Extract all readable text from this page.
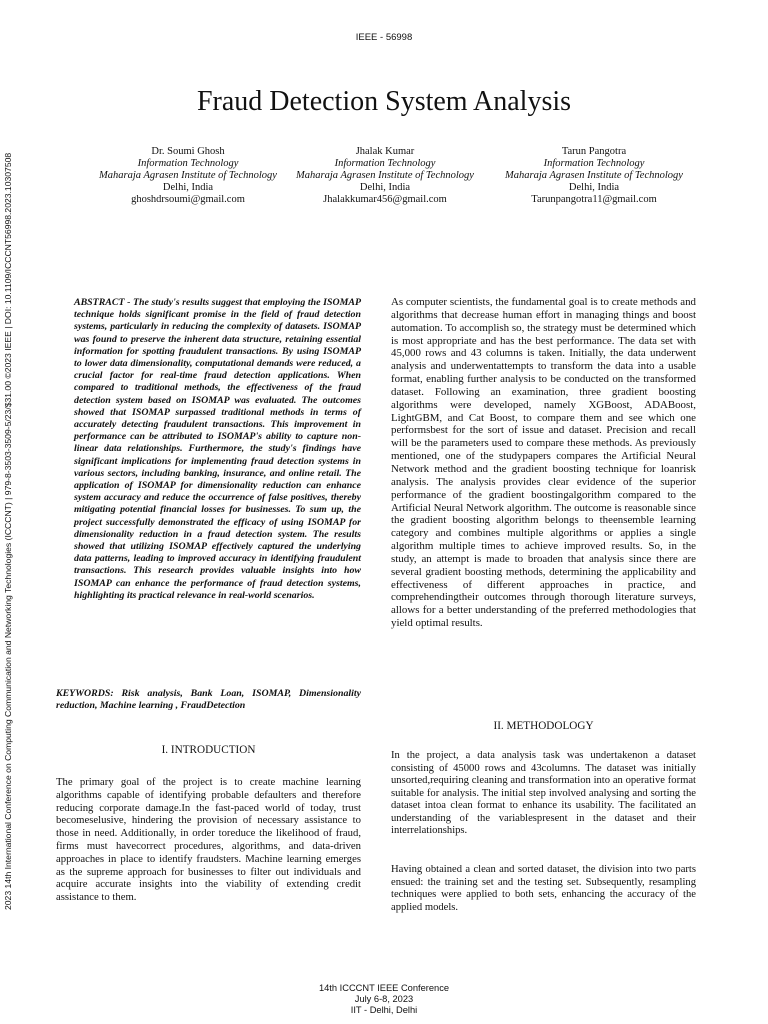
IEEE - 56998
2023 14th International Conference on Computing Communication and Networking Technologies (ICCCNT) | 979-8-3503-3509-5/23/$31.00 ©2023 IEEE | DOI: 10.1109/ICCCNT56998.2023.10307508
Fraud Detection System Analysis
Dr. Soumi Ghosh
Information Technology
Maharaja Agrasen Institute of Technology
Delhi, India
ghoshdrsoumi@gmail.com
Jhalak Kumar
Information Technology
Maharaja Agrasen Institute of Technology
Delhi, India
Jhalakkumar456@gmail.com
Tarun Pangotra
Information Technology
Maharaja Agrasen Institute of Technology
Delhi, India
Tarunpangotra11@gmail.com
ABSTRACT - The study's results suggest that employing the ISOMAP technique holds significant promise in the field of fraud detection systems, particularly in reducing the complexity of datasets. ISOMAP was found to preserve the inherent data structure, retaining essential information for spotting fraudulent transactions. By using ISOMAP to lower data dimensionality, computational demands were reduced, a crucial factor for real-time fraud detection applications. When compared to traditional methods, the effectiveness of the fraud detection system based on ISOMAP was evaluated. The outcomes showed that ISOMAP surpassed traditional methods in terms of accurately detecting fraudulent transactions. This improvement in performance can be attributed to ISOMAP's ability to capture non-linear data relationships. Furthermore, the study's findings have significant implications for implementing fraud detection systems in various sectors, including banking, insurance, and online retail. The application of ISOMAP for dimensionality reduction can enhance system accuracy and reduce the occurrence of false positives, thereby mitigating potential financial losses for businesses. To sum up, the project successfully demonstrated the efficacy of using ISOMAP for dimensionality reduction in a fraud detection system. The results showed that utilizing ISOMAP effectively captured the underlying data patterns, leading to improved accuracy in identifying fraudulent transactions. This research provides valuable insights into how ISOMAP can enhance the performance of fraud detection systems, highlighting its practical relevance in real-world scenarios.
KEYWORDS: Risk analysis, Bank Loan, ISOMAP, Dimensionality reduction, Machine learning , FraudDetection
I. INTRODUCTION
The primary goal of the project is to create machine learning algorithms capable of identifying probable defaulters and therefore reducing corporate damage.In the fast-paced world of today, trust becomeselusive, hindering the provision of necessary assistance to those in need. Additionally, in order toreduce the likelihood of fraud, firms must havecorrect procedures, algorithms, and data-driven approaches in place to identify fraudsters. Machine learning emerges as the supreme approach for businesses to filter out individuals and acquire accurate insights into the viability of extending credit assistance to them.
As computer scientists, the fundamental goal is to create methods and algorithms that decrease human effort in managing things and boost automation. To accomplish so, the strategy must be determined which is most appropriate and has the best performance. The data set with 45,000 rows and 43 columns is taken. Initially, the data underwent analysis and underwentattempts to transform the data into a usable format, enabling further analysis to be conducted on the transformed dataset. Following an examination, three gradient boosting algorithms were developed, namely XGBoost, ADABoost, LightGBM, and Cat Boost, to compare them and see which one performsbest for the sort of issue and dataset. Precision and recall will be the parameters used to compare these methods. As previously mentioned, one of the studypapers compares the Artificial Neural Network method and the gradient boosting technique for loanrisk analysis. The analysis provides clear evidence of the superior performance of the gradient boostingalgorithm compared to the Artificial Neural Network algorithm. The outcome is reasonable since the gradient boosting algorithm belongs to theensemble learning category and combines multiple algorithms or applies a single algorithm multiple times to achieve improved results. So, in the study, an attempt is made to broaden that analysis since there are several gradient boosting methods, determining the applicability and effectiveness of different approaches in practice, and comprehendingtheir outcomes through thorough literature surveys, allows for a better understanding of the preferred methodologies that yield optimal results.
II. METHODOLOGY
In the project, a data analysis task was undertakenon a dataset consisting of 45000 rows and 43columns. The dataset was initially unsorted,requiring cleaning and transformation into an operative format suitable for analysis. The initial step involved analysing and sorting the dataset intoa clean format to enhance its usability. The facilitated an understanding of the variablespresent in the dataset and their interrelationships.
Having obtained a clean and sorted dataset, the division into two parts ensued: the training set and the testing set. Subsequently, resampling techniques were applied to both sets, enhancing the accuracy of the applied models.
14th ICCCNT IEEE Conference
July 6-8, 2023
IIT - Delhi, Delhi
